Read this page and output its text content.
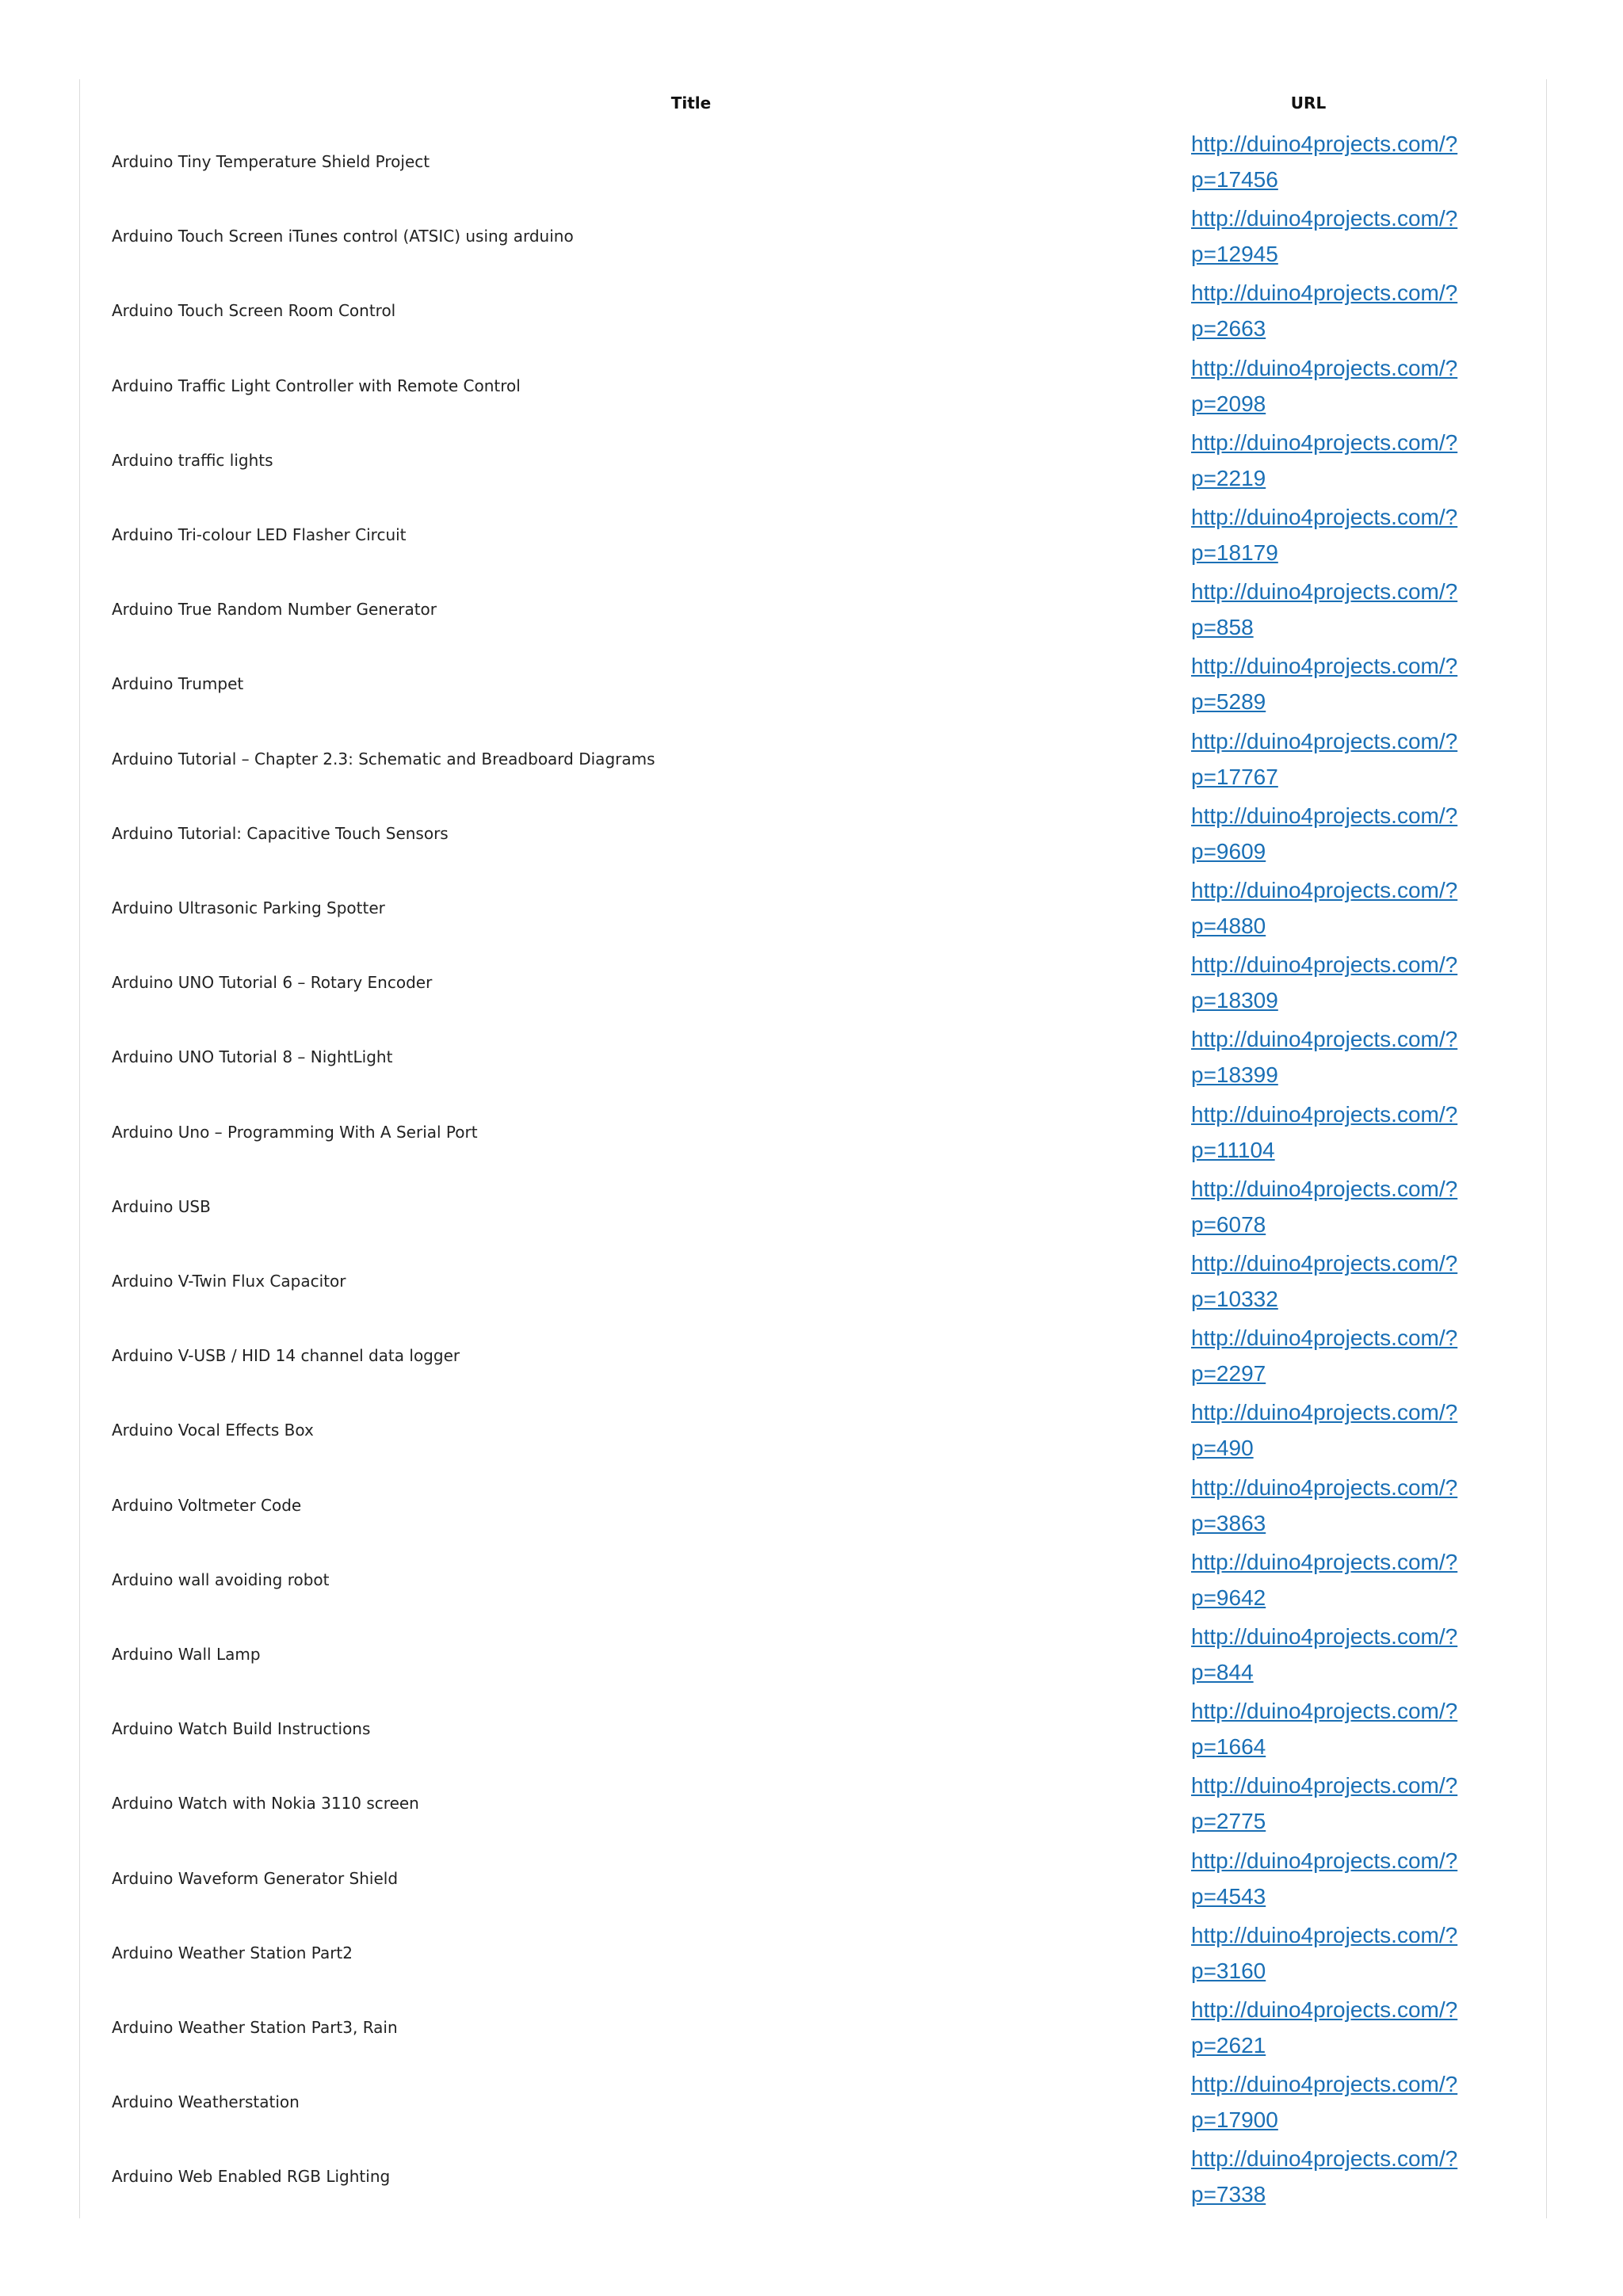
Title	URL
Arduino Tiny Temperature Shield Project
http://duino4projects.com/?
p=17456
Arduino Touch Screen iTunes control (ATSIC) using arduino
http://duino4projects.com/?
p=12945
Arduino Touch Screen Room Control
http://duino4projects.com/?
p=2663
Arduino Traffic Light Controller with Remote Control
http://duino4projects.com/?
p=2098
Arduino traffic lights
http://duino4projects.com/?
p=2219
Arduino Tri-colour LED Flasher Circuit
http://duino4projects.com/?
p=18179
Arduino True Random Number Generator
http://duino4projects.com/?
p=858
Arduino Trumpet
http://duino4projects.com/?
p=5289
Arduino Tutorial – Chapter 2.3: Schematic and Breadboard Diagrams
http://duino4projects.com/?
p=17767
Arduino Tutorial: Capacitive Touch Sensors
http://duino4projects.com/?
p=9609
Arduino Ultrasonic Parking Spotter
http://duino4projects.com/?
p=4880
Arduino UNO Tutorial 6 – Rotary Encoder
http://duino4projects.com/?
p=18309
Arduino UNO Tutorial 8 – NightLight
http://duino4projects.com/?
p=18399
Arduino Uno – Programming With A Serial Port
http://duino4projects.com/?
p=11104
Arduino USB
http://duino4projects.com/?
p=6078
Arduino V-Twin Flux Capacitor
http://duino4projects.com/?
p=10332
Arduino V-USB / HID 14 channel data logger
http://duino4projects.com/?
p=2297
Arduino Vocal Effects Box
http://duino4projects.com/?
p=490
Arduino Voltmeter Code
http://duino4projects.com/?
p=3863
Arduino wall avoiding robot
http://duino4projects.com/?
p=9642
Arduino Wall Lamp
http://duino4projects.com/?
p=844
Arduino Watch Build Instructions
http://duino4projects.com/?
p=1664
Arduino Watch with Nokia 3110 screen
http://duino4projects.com/?
p=2775
Arduino Waveform Generator Shield
http://duino4projects.com/?
p=4543
Arduino Weather Station Part2
http://duino4projects.com/?
p=3160
Arduino Weather Station Part3, Rain
http://duino4projects.com/?
p=2621
Arduino Weatherstation
http://duino4projects.com/?
p=17900
Arduino Web Enabled RGB Lighting
http://duino4projects.com/?
p=7338
